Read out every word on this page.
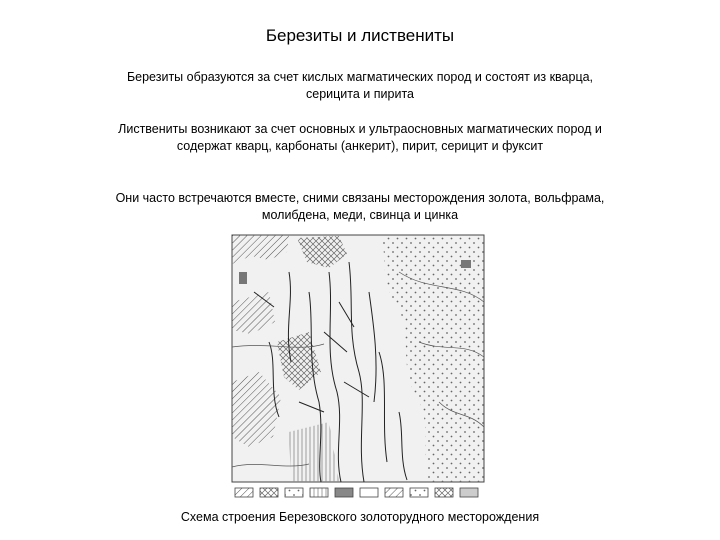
Березиты и листвениты
Березиты образуются за счет кислых магматических пород и состоят из кварца, серицита и пирита
Листвениты возникают за счет основных и ультраосновных магматических пород и содержат кварц, карбонаты (анкерит), пирит, серицит и фуксит
Они часто встречаются вместе, сними связаны месторождения золота, вольфрама, молибдена, меди, свинца и цинка
Схема строения Березовского золоторудного месторождения
